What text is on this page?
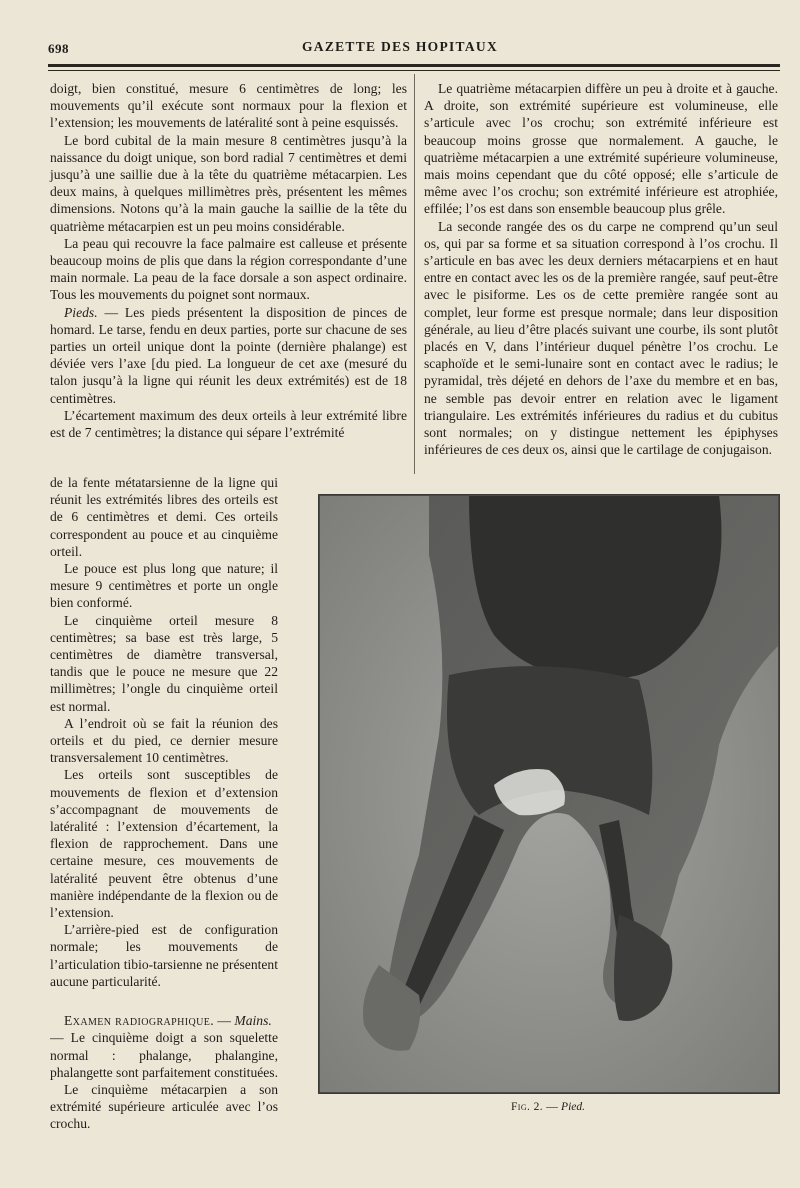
698	GAZETTE DES HOPITAUX

doigt, bien constitué, mesure 6 centimètres de long; les mouvements qu’il exécute sont normaux pour la flexion et l’extension; les mouvements de latéralité sont à peine esquissés.

Le bord cubital de la main mesure 8 centimètres jusqu’à la naissance du doigt unique, son bord radial 7 centimètres et demi jusqu’à une saillie due à la tête du quatrième métacarpien. Les deux mains, à quelques millimètres près, présentent les mêmes dimensions. Notons qu’à la main gauche la saillie de la tête du quatrième métacarpien est un peu moins considérable.

La peau qui recouvre la face palmaire est calleuse et présente beaucoup moins de plis que dans la région correspondante d’une main normale. La peau de la face dorsale a son aspect ordinaire. Tous les mouvements du poignet sont normaux.

Pieds. — Les pieds présentent la disposition de pinces de homard. Le tarse, fendu en deux parties, porte sur chacune de ses parties un orteil unique dont la pointe (dernière phalange) est déviée vers l’axe [du pied. La longueur de cet axe (mesuré du talon jusqu’à la ligne qui réunit les deux extrémités) est de 18 centimètres.

L’écartement maximum des deux orteils à leur extrémité libre est de 7 centimètres; la distance qui sépare l’extrémité

de la fente métatarsienne de la ligne qui réunit les extrémités libres des orteils est de 6 centimètres et demi. Ces orteils correspondent au pouce et au cinquième orteil.

Le pouce est plus long que nature; il mesure 9 centimètres et porte un ongle bien conformé.

Le cinquième orteil mesure 8 centimètres; sa base est très large, 5 centimètres de diamètre transversal, tandis que le pouce ne mesure que 22 millimètres; l’ongle du cinquième orteil est normal.

A l’endroit où se fait la réunion des orteils et du pied, ce dernier mesure transversalement 10 centimètres.

Les orteils sont susceptibles de mouvements de flexion et d’extension s’accompagnant de mouvements de latéralité : l’extension d’écartement, la flexion de rapprochement. Dans une certaine mesure, ces mouvements de latéralité peuvent être obtenus d’une manière indépendante de la flexion ou de l’extension.

L’arrière-pied est de configuration normale; les mouvements de l’articulation tibio-tarsienne ne présentent aucune particularité.

Examen radiographique. — Mains.

— Le cinquième doigt a son squelette normal : phalange, phalangine, phalangette sont parfaitement constituées.

Le cinquième métacarpien a son extrémité supérieure articulée avec l’os crochu.

Le quatrième métacarpien diffère un peu à droite et à gauche. A droite, son extrémité supérieure est volumineuse, elle s’articule avec l’os crochu; son extrémité inférieure est beaucoup moins grosse que normalement. A gauche, le quatrième métacarpien a une extrémité supérieure volumineuse, mais moins cependant que du côté opposé; elle s’articule de même avec l’os crochu; son extrémité inférieure est atrophiée, effilée; l’os est dans son ensemble beaucoup plus grêle.

La seconde rangée des os du carpe ne comprend qu’un seul os, qui par sa forme et sa situation correspond à l’os crochu. Il s’articule en bas avec les deux derniers métacarpiens et en haut entre en contact avec les os de la première rangée, sauf peut-être avec le pisiforme. Les os de cette première rangée sont au complet, leur forme est presque normale; dans leur disposition générale, au lieu d’être placés suivant une courbe, ils sont plutôt placés en V, dans l’intérieur duquel pénètre l’os crochu. Le scaphoïde et le semi-lunaire sont en contact avec le radius; le pyramidal, très déjeté en dehors de l’axe du membre et en bas, ne semble pas devoir entrer en relation avec le ligament triangulaire. Les extrémités inférieures du radius et du cubitus sont normales; on y distingue nettement les épiphyses inférieures de ces deux os, ainsi que le cartilage de conjugaison.

Fig. 2. — Pied.
